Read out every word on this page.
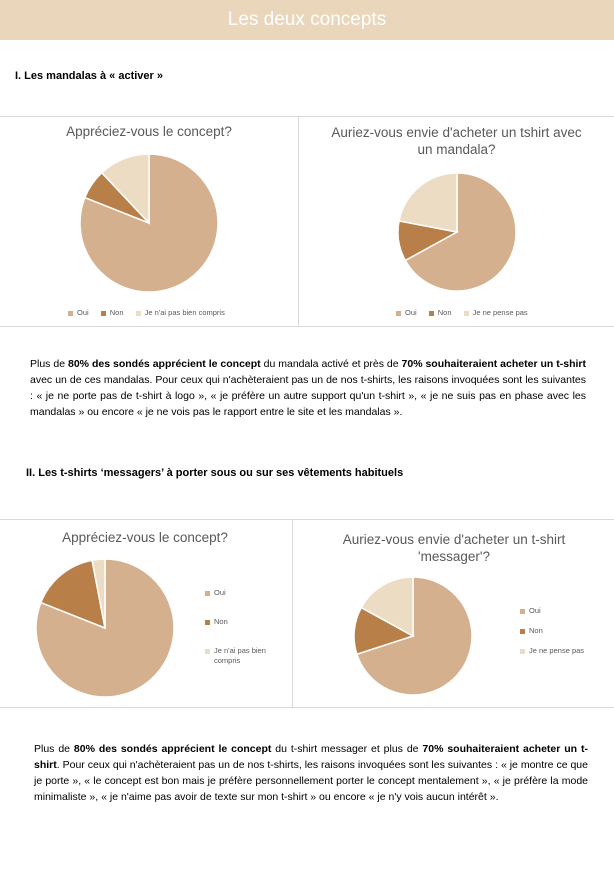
Les deux concepts
I. Les mandalas à « activer »
Appréciez-vous le concept?
Oui	Non	Je n'ai pas bien compris
Auriez-vous envie d'acheter un tshirt avec
un mandala?
Oui	Non	Je ne pense pas
Plus de 80% des sondés apprécient le concept du mandala activé et près de 70% souhaiteraient acheter un t-shirt avec un de ces mandalas. Pour ceux qui n'achèteraient pas un de nos t-shirts, les raisons invoquées sont les suivantes : « je ne porte pas de t-shirt à logo », « je préfère un autre support qu'un t-shirt », « je ne suis pas en phase avec les mandalas » ou encore « je ne vois pas le rapport entre le site et les mandalas ».
II. Les t-shirts ‘messagers’ à porter sous ou sur ses vêtements habituels
Appréciez-vous le concept?
Oui
Non
Je n'ai pas bien
compris
Auriez-vous envie d'acheter un t-shirt
'messager'?
Oui
Non
Je ne pense pas
Plus de 80% des sondés apprécient le concept du t-shirt messager et plus de 70% souhaiteraient acheter un t-shirt. Pour ceux qui n'achèteraient pas un de nos t-shirts, les raisons invoquées sont les suivantes : « je montre ce que je porte », « le concept est bon mais je préfère personnellement porter le concept mentalement », « je préfère la mode minimaliste », « je n'aime pas avoir de texte sur mon t-shirt » ou encore « je n'y vois aucun intérêt ».
